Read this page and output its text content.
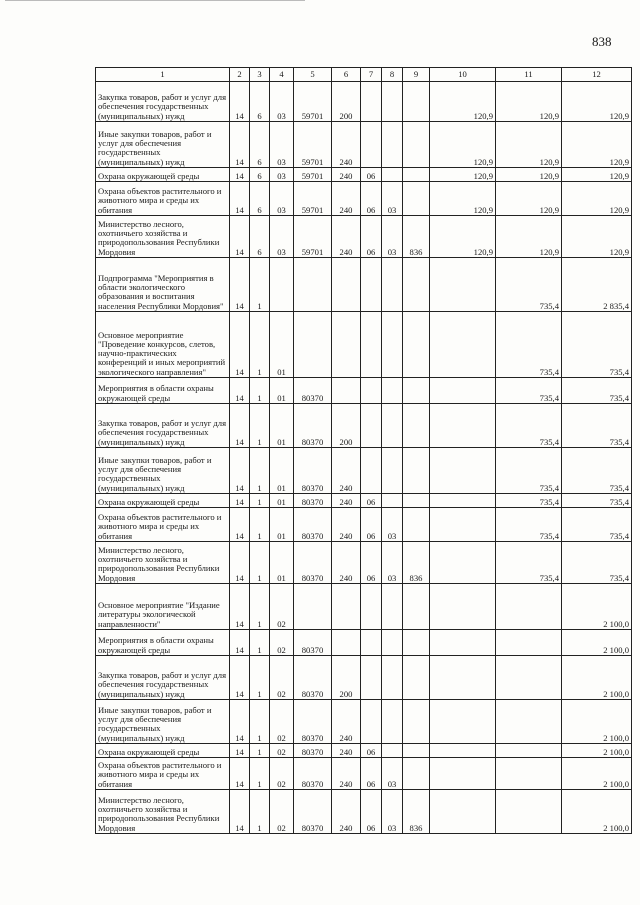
838
1	2	3	4	5	6	7	8	9	10	11	12
Закупка товаров, работ и услуг для обеспечения государственных (муниципальных) нужд	14	6	03	59701	200				120,9	120,9	120,9
Иные закупки товаров, работ и услуг для обеспечения государственных (муниципальных) нужд	14	6	03	59701	240				120,9	120,9	120,9
Охрана окружающей среды	14	6	03	59701	240	06			120,9	120,9	120,9
Охрана объектов растительного и животного мира и среды их обитания	14	6	03	59701	240	06	03		120,9	120,9	120,9
Министерство лесного, охотничьего хозяйства и природопользования Республики Мордовия	14	6	03	59701	240	06	03	836	120,9	120,9	120,9
Подпрограмма "Мероприятия в области экологического образования и воспитания населения Республики Мордовия"	14	1								735,4	2 835,4
Основное мероприятие "Проведение конкурсов, слетов, научно-практических конференций и иных мероприятий экологического направления"	14	1	01							735,4	735,4
Мероприятия в области охраны окружающей среды	14	1	01	80370						735,4	735,4
Закупка товаров, работ и услуг для обеспечения государственных (муниципальных) нужд	14	1	01	80370	200					735,4	735,4
Иные закупки товаров, работ и услуг для обеспечения государственных (муниципальных) нужд	14	1	01	80370	240					735,4	735,4
Охрана окружающей среды	14	1	01	80370	240	06				735,4	735,4
Охрана объектов растительного и животного мира и среды их обитания	14	1	01	80370	240	06	03			735,4	735,4
Министерство лесного, охотничьего хозяйства и природопользования Республики Мордовия	14	1	01	80370	240	06	03	836		735,4	735,4
Основное мероприятие "Издание литературы экологической направленности"	14	1	02								2 100,0
Мероприятия в области охраны окружающей среды	14	1	02	80370							2 100,0
Закупка товаров, работ и услуг для обеспечения государственных (муниципальных) нужд	14	1	02	80370	200						2 100,0
Иные закупки товаров, работ и услуг для обеспечения государственных (муниципальных) нужд	14	1	02	80370	240						2 100,0
Охрана окружающей среды	14	1	02	80370	240	06					2 100,0
Охрана объектов растительного и животного мира и среды их обитания	14	1	02	80370	240	06	03				2 100,0
Министерство лесного, охотничьего хозяйства и природопользования Республики Мордовия	14	1	02	80370	240	06	03	836			2 100,0
